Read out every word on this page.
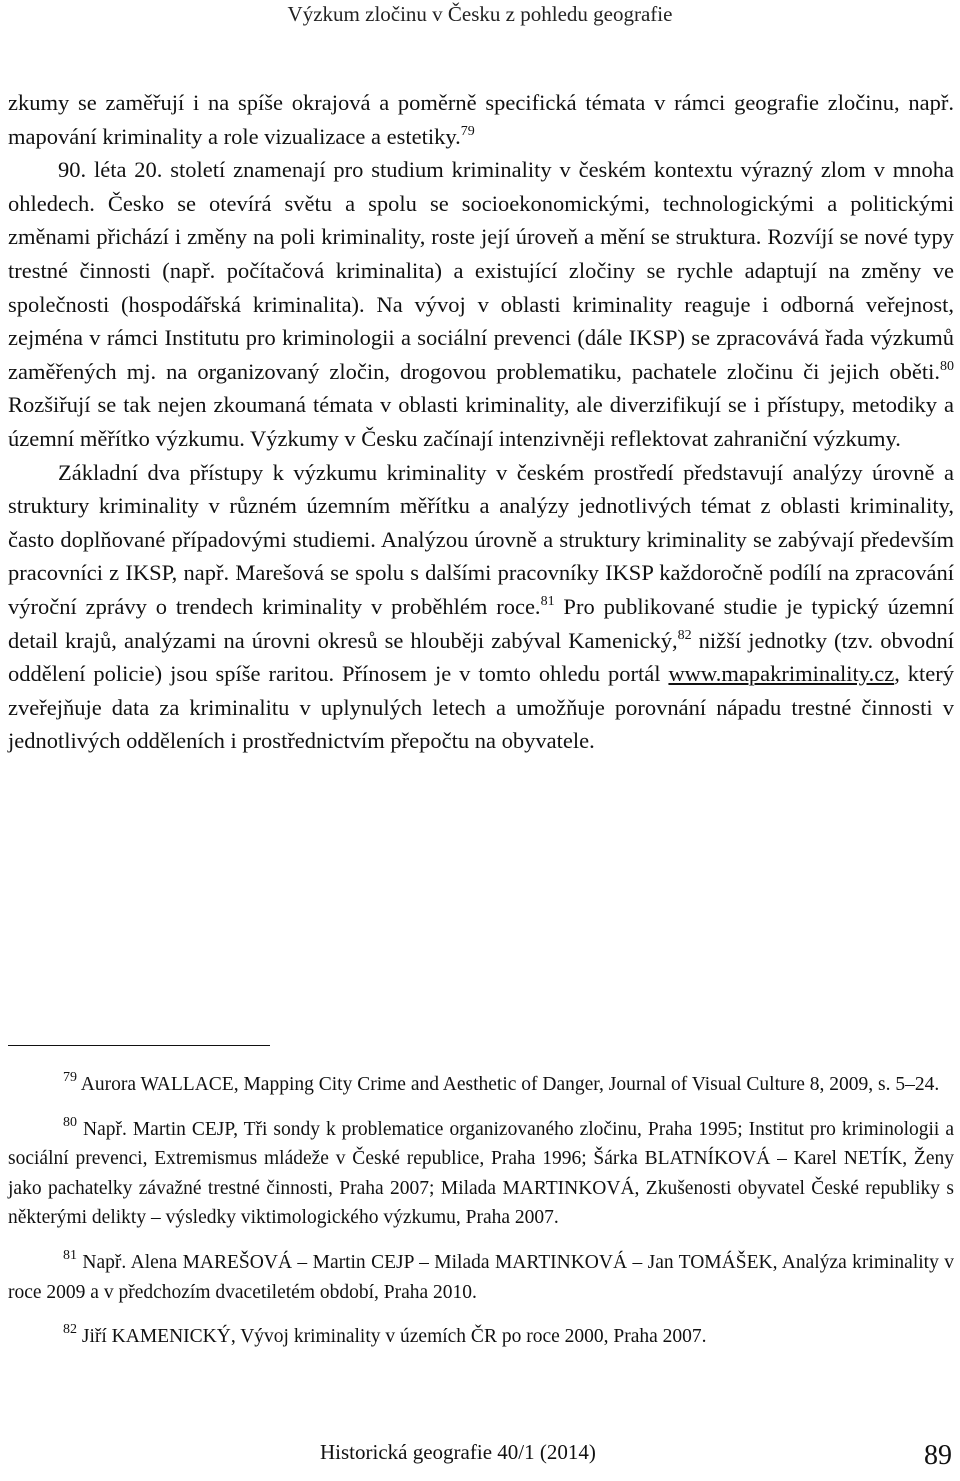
Výzkum zločinu v Česku z pohledu geografie

zkumy se zaměřují i na spíše okrajová a poměrně specifická témata v rámci geografie zločinu, např. mapování kriminality a role vizualizace a estetiky.$^{79}$

90. léta 20. století znamenají pro studium kriminality v českém kontextu výrazný zlom v mnoha ohledech. Česko se otevírá světu a spolu se socioekonomickými, technologickými a politickými změnami přichází i změny na poli kriminality, roste její úroveň a mění se struktura. Rozvíjí se nové typy trestné činnosti (např. počítačová kriminalita) a existující zločiny se rychle adaptují na změny ve společnosti (hospodářská kriminalita). Na vývoj v oblasti kriminality reaguje i odborná veřejnost, zejména v rámci Institutu pro kriminologii a sociální prevenci (dále IKSP) se zpracovává řada výzkumů zaměřených mj. na organizovaný zločin, drogovou problematiku, pachatele zločinu či jejich oběti.$^{80}$ Rozšiřují se tak nejen zkoumaná témata v oblasti kriminality, ale diverzifikují se i přístupy, metodiky a územní měřítko výzkumu. Výzkumy v Česku začínají intenzivněji reflektovat zahraniční výzkumy.

Základní dva přístupy k výzkumu kriminality v českém prostředí představují analýzy úrovně a struktury kriminality v různém územním měřítku a analýzy jednotlivých témat z oblasti kriminality, často doplňované případovými studiemi. Analýzou úrovně a struktury kriminality se zabývají především pracovníci z IKSP, např. Marešová se spolu s dalšími pracovníky IKSP každoročně podílí na zpracování výroční zprávy o trendech kriminality v proběhlém roce.$^{81}$ Pro publikované studie je typický územní detail krajů, analýzami na úrovni okresů se hlouběji zabýval Kamenický,$^{82}$ nižší jednotky (tzv. obvodní oddělení policie) jsou spíše raritou. Přínosem je v tomto ohledu portál www.mapakriminality.cz, který zveřejňuje data za kriminalitu v uplynulých letech a umožňuje porovnání nápadu trestné činnosti v jednotlivých odděleních i prostřednictvím přepočtu na obyvatele.

$^{79}$ Aurora WALLACE, Mapping City Crime and Aesthetic of Danger, Journal of Visual Culture 8, 2009, s. 5–24.

$^{80}$ Např. Martin CEJP, Tři sondy k problematice organizovaného zločinu, Praha 1995; Institut pro kriminologii a sociální prevenci, Extremismus mládeže v České republice, Praha 1996; Šárka BLATNÍKOVÁ – Karel NETÍK, Ženy jako pachatelky závažné trestné činnosti, Praha 2007; Milada MARTINKOVÁ, Zkušenosti obyvatel České republiky s některými delikty – výsledky viktimologického výzkumu, Praha 2007.

$^{81}$ Např. Alena MAREŠOVÁ – Martin CEJP – Milada MARTINKOVÁ – Jan TOMÁŠEK, Analýza kriminality v roce 2009 a v předchozím dvacetiletém období, Praha 2010.

$^{82}$ Jiří KAMENICKÝ, Vývoj kriminality v územích ČR po roce 2000, Praha 2007.

Historická geografie 40/1 (2014)	89
